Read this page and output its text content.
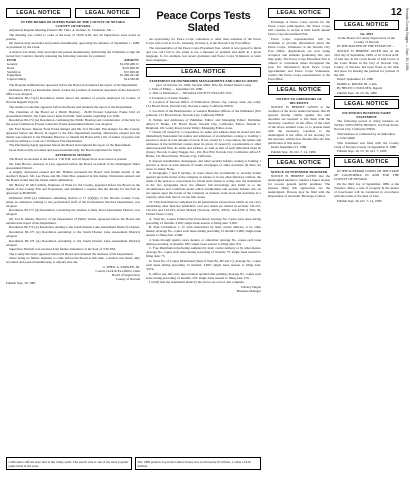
Nevada County Nugget — Sept. 30, 1981
12
LEGAL NOTICE	LEGAL NOTICE
IN THE BOARD OF SUPERVISORS OF THE COUNTY OF NEVADA
COUNTY OF NEVADA

Adjourned Regular Meeting Present: Mr. Theo. A. Kohlen, Jr., Chairman, Mr. ...

The meeting was called to order at the hour of 10:00 A.M. and all Supervisors were noted as present.

On motion duly seconded and passed unanimously, approving the minutes of September 1, 1980, as presented by the Clerk.

A motion was made, duly seconded and passed unanimously authorizing the Chairman to sign the Grand Jury Contract, thereby releasing the following warrants for payment:

FUND	AMOUNT
General	$1,036,468.15
Road	$225,600.00
Sanitation	$37,000.00
Equipment	$1,460,461.00
Capital Outlay	$14,500.00

The Hospital Administrator appeared before the Board and rendered his report of the Department.

Ordinance #310 (A) Resolution which creates the position of Assistant Appraiser in the Assessor's Office was adopted.

Resolution 80-171(A) Resolution which shows the number of people employed on County of Nevada Regular Payroll.

The Auditor-Controller appeared before the Board and rendered the report of the Department.

The Chairman of the Board set a Public Hearing - 29-80 Prosser Lakeview Estate Unit #1 Assessment District, the Clerk read a letter from Mr. Sam Adams, regarding Lot 1056.

Resolution 80-172 (A) Resolution continuing the Public Hearing and consideration of the bids for the sewer facilities in Prosser Lakeview Estate Assessment District was adopted.

Mr. Fred Dower, Deputy State Forest Ranger and Mr. Tod Woodall, Fire Ranger for this County, appeared before the Board, in regard to the Fire Department hearing. Discussion ensued and the matter was referred to the Planning Director, to furnish the Board with a list of names of people who would be willing to work on a Volunteer Fire Department.

The Purchasing Agent appeared before the Board and rendered the report of the Department.

Upon motion duly seconded and passed unanimously, the Board adjourned for lunch.

AFTERNOON SESSION

The Board reconvened at the hour of 1:30 P.M. and all Supervisors were noted as present.

Mr. John Brown, Attorney at Law, appeared before the Board on behalf of the Washington Water Assessment District.

A lengthy discussion ensued and Mr. Holmes presented the Board with further details of the Auditor's Report. Mr. Lee Pease and Mr. Dale Moe appeared in this matter. Discussion ensued and the Board would take the matter under submission.

Mr. Harvey W. McCormick, Engineer of Work for the County, appeared before the Board on the matter of the County Fair and Exposition, and submitted a request that the amount for the Fair be approved as $8,000.00.

Ordinance #316 (A) Ordinance amending Section 2, 17 (2)(b)(i) of the Nevada County Code, being an ordinance relating to the professional staff of the Professional Services Department, was adopted.

Resolution 80-173 (A) Resolution concerning the Washoe County Road Assessment District, was adopted.

Mr. Ted R. Meeks, Director of the Department of Public Works, appeared before the Board and rendered the report of his Department.

Resolution 80-174 (A) Resolution relating to the South Donner Lake Assessment District) adopted.

Resolution 80-175 (A) Resolution pertaining to the South Donner Lake Assessment District) adopted.

Resolution 80-176 (A) Resolution pertaining to the South Donner Lake Assessment District) adopted.

Supervisor Harriett was excused from further attendance at the hour of 3:30 P.M.

The County Recorder appeared before the Board and rendered the business of his Department.

There being no further business to come before the Board at this time, a motion was made, duly seconded and passed unanimously, to adjourn sine die.

/s/ THEO. A. KOHLEN, JR.
County Clerk & Ex-Officio Clerk
Board of Supervisors
County of Nevada
Publish Sept. 30, 1981
California's official state bird is the valley quail. The seed it eats is one of the most popular game birds in the state.
The 1989 peanut crop in the United States was worth nearly $1 billion, a value of $10 million.
Peace Corps Tests Slated

An opportunity for Peace Corps volunteers or other than residents of the Peace Corps will occur at 9 a.m., Saturday, October 4, at the Nevada City Post Office.

The representative of the Peace Corps Placement Test, which is now geared to fields and you can't fail it, the exam is not a measure of aptitude and skills in a given language. It, for example, has recent graduates and Peace Corps Volunteers to learn more languages.

LEGAL NOTICE
STATEMENT OF OWNERSHIP, MANAGEMENT AND CIRCULATION
(Act of October 23, 1962; Section 4369, Title 39, United States Code)

1. Date of Filing — September 29, 1980.

2. Title of Publication — NEVADA COUNTY NUGGET, INC.

3. Frequency of issue: Weekly.

4. Location of Known Office of Publication (Street, city, county, state, zip code): 131 Broad Street, Nevada City, Nevada County, California 95959.

5. Location of the Headquarters or General Business Offices of the Publishers (Not printers): 131 Broad Street, Nevada City, California 95959.

6. Names and Addresses of Publisher, Editor, and Managing Editor: Publisher, Alfred F. Burke, 131 Broad Street, Nevada City, California; Editor, Donald L. Ringland, 101 Leahy Road, Grass Valley; Managing Editor, none.

7. Owner (If owned by a corporation, its name and address must be stated and also immediately thereunder the names and addresses of stockholders owning or holding 1 percent or more of total amount of stock. If not owned by a corporation, the names and addresses of the individual owners must be given. If owned by a partnership or other unincorporated firm, its name and address, as well as that of each individual must be given.): Nevada County Nugget, Inc., P.O. Box 852, Nevada City, California; Alfred F. Burke, 131 Broad Street, Nevada City, California.

8. Known bondholders, mortgagees, and other security holders owning or holding 1 percent or more of total amount of bonds, mortgages or other securities (If there are none, so state): None.

9. Paragraphs 7 and 8 include, in cases where the stockholder or security holder appears upon the books of the company as trustee or in any other fiduciary relation, the name of the person or corporation for whom such trustee is acting; also the statements in the two paragraphs show the affiant's full knowledge and belief as to the circumstances and conditions under which stockholders and security holders who do not appear upon the books of the company as trustees, hold stock and securities in a capacity other than that of a bona fide owner.

10. This item must be completed for all publications except those which do not carry advertising other than the publisher's own and which are named in sections 132.231, 132.232 and 132.233, Postal Manual (Sections 4355a, 4355b, and 4356 of Title 39, United States Code).

A. Total No. Copies Printed (Net Press Run): Average No. copies each issue during preceding 12 months: 3,950; single issue nearest to filing date: 3,950.

B. Paid Circulation: 1. To term subscribers by mail, carrier delivery or by other means: Average No. copies each issue during preceding 12 months: 2,990; single issue nearest to filing date: 2,968.

2. Sales through agents, news dealers, or otherwise: Average No. copies each issue during preceding 12 months: 630; single issue nearest to filing date: 631.

C. Free Distribution (including samples) by mail, carrier delivery or by other means: Average No. copies each issue during preceding 12 months: 75; single issue nearest to filing date: 75.

D. Total No. of Copies Distributed (Sum of lines B1, B2 and C): Average No. copies each issue during preceding 12 months: 3,695; single issue nearest to filing date: 3,674.

E. Office use, left-over, unaccounted, spoiled after printing: Average No. copies each issue during preceding 12 months: 255; single issue nearest to filing date: 276.

I certify that the statements made by me above are correct and complete.

s/Nancy Hague
Business Manager
LEGAL NOTICE

Exchange of Peace Corps service for the Peace Corps participation, the Peace Corps will continue to recruit at their fourth annual Peace Corps Recruitment Fair.

Peace Corps representatives will be available to provide information about the Peace Corps, Volunteers at the Nevada City Post Office. Applications are now being accepted, and students graduating this year may apply. The Peace Corps Placement Test is offered at convenient times throughout the year. For information about Peace Corps opportunities and Peace Corps Volunteers, contact the Peace Corps representative at the Post Office.

LEGAL NOTICE
NOTICE TO CREDITORS OF DECEDENT

NOTICE IS HEREBY GIVEN to the creditors of the above named decedent, that all persons having claims against the said decedent are required to file them with the necessary vouchers, in the office of the clerk of the above entitled court, or to present them with the necessary vouchers to the undersigned at the office of the attorney for the executor, within four months after the first publication of this notice.

Dated September 23, 1980.

Publish Sept. 30, Oct. 7, 14, 1980.

LEGAL NOTICE
NOTICE OF INTENDED TRANSFER

NOTICE IS HEREBY GIVEN that the undersigned intends to transfer a liquor license for on-sale general public premises. The persons filing this application are the undersigned. Protests may be filed with the Department of Alcoholic Beverage Control.

LEGAL NOTICE
No. 4764
In the Board of County Supervisors of the County of Nevada

IN THE MATTER OF THE ESTATE OF ...

NOTICE IS HEREBY GIVEN that on the 23rd day of September, 1980, at 10 o'clock A.M. of said day, in the Court Room of said Court, at the Court House in the City of Nevada City, County of Nevada, has been fixed as the time and place for hearing the petition for probate of the will.

Dated: September 23, 1980

DORIS A. ROGER JR., Clerk

By HELEN J. POULSEN, Deputy

Publish Sept. 16, 23, 30, 1980

LEGAL NOTICE
FICTITIOUS BUSINESS NAME STATEMENT

The following person is doing business as: TOTAL WELLNESS DESIGN, 119 Park Street, Nevada City, California 95959.

This business is conducted by an individual.

s/ John Smith

This statement was filed with the County Clerk of Nevada County on September 8, 1980.

Publish Sept. 16, 23, 30, Oct. 7, 1980

LEGAL NOTICE

IN THE SUPERIOR COURT OF THE STATE OF CALIFORNIA IN AND FOR THE COUNTY OF NEVADA

On the third day of September, 1980, at the Trustee's office, a sale of property in the matter of foreclosure will be conducted in accordance with the terms of the deed of trust.

Publish Sept. 30, Oct. 7, 14, 1980
